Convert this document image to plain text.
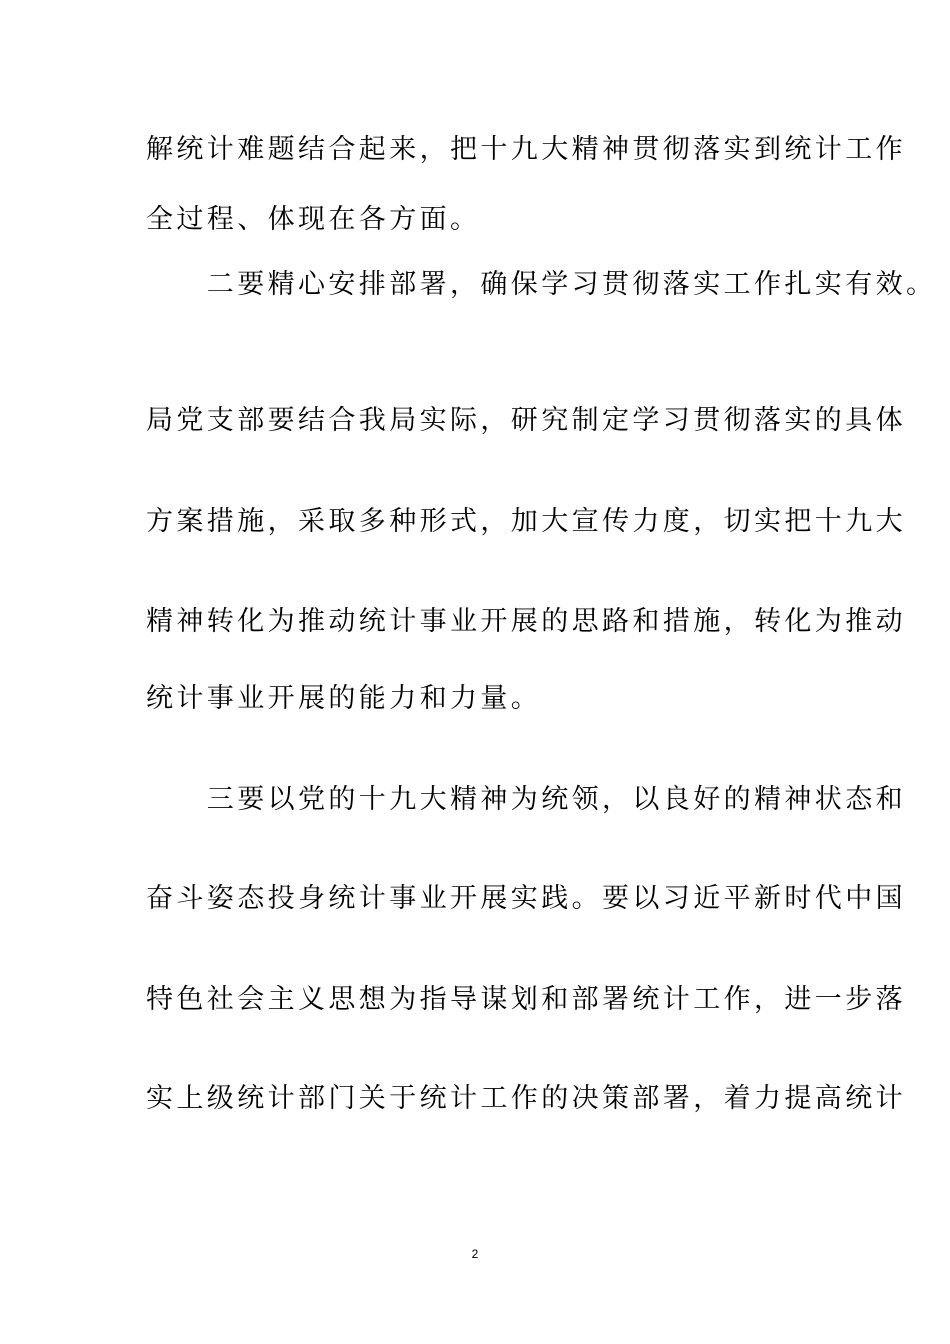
解统计难题结合起来，把十九大精神贯彻落实到统计工作
全过程、体现在各方面。
　　二要精心安排部署，确保学习贯彻落实工作扎实有效。
局党支部要结合我局实际，研究制定学习贯彻落实的具体
方案措施，采取多种形式，加大宣传力度，切实把十九大
精神转化为推动统计事业开展的思路和措施，转化为推动
统计事业开展的能力和力量。
　　三要以党的十九大精神为统领，以良好的精神状态和
奋斗姿态投身统计事业开展实践。要以习近平新时代中国
特色社会主义思想为指导谋划和部署统计工作，进一步落
实上级统计部门关于统计工作的决策部署，着力提高统计
2
